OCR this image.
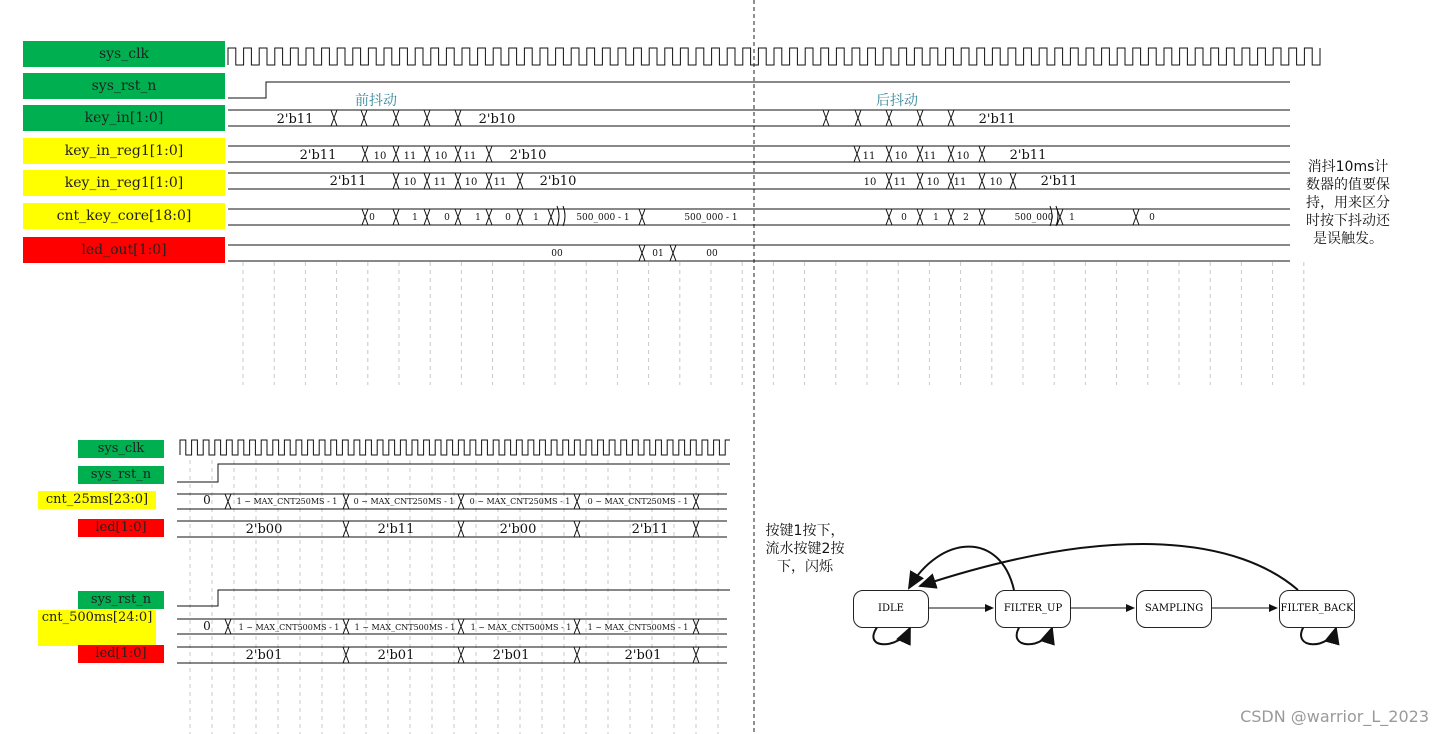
2'b11	2'b10	2'b11
2'b11	10 11 10 11	2'b10	11 10 11 10	2'b11
2'b11	10 11 10 11	2'b10	10 11 10 11 10	2'b11
0	1	0	1	0 1	500_000 - 1	500_000 - 1	0	1	2	500_000 1	0
00	01	00
0	1 ~ MAX_CNT250MS - 1 0 ~ MAX_CNT250MS - 1 0 ~ MAX_CNT250MS - 1 0 ~ MAX_CNT250MS - 1
2'b00	2'b11	2'b00	2'b11
0	1 ~ MAX_CNT500MS - 1 1 ~ MAX_CNT500MS - 1 1 ~ MAX_CNT500MS - 1 1 ~ MAX_CNT500MS - 1
2'b01	2'b01	2'b01	2'b01
sys_clk
sys_rst_n
key_in[1:0]
key_in_reg1[1:0]
key_in_reg1[1:0]
cnt_key_core[18:0]
led_out[1:0]
前抖动	后抖动
消抖10ms计数器的值要保持，用来区分时按下抖动还是误触发。
sys_clk
sys_rst_n
cnt_25ms[23:0]
led[1:0]
sys_rst_n
cnt_500ms[24:0]
led[1:0]
按键1按下，流水按键2按下，闪烁
IDLE	FILTER_UP	SAMPLING	FILTER_BACK
CSDN @warrior_L_2023
